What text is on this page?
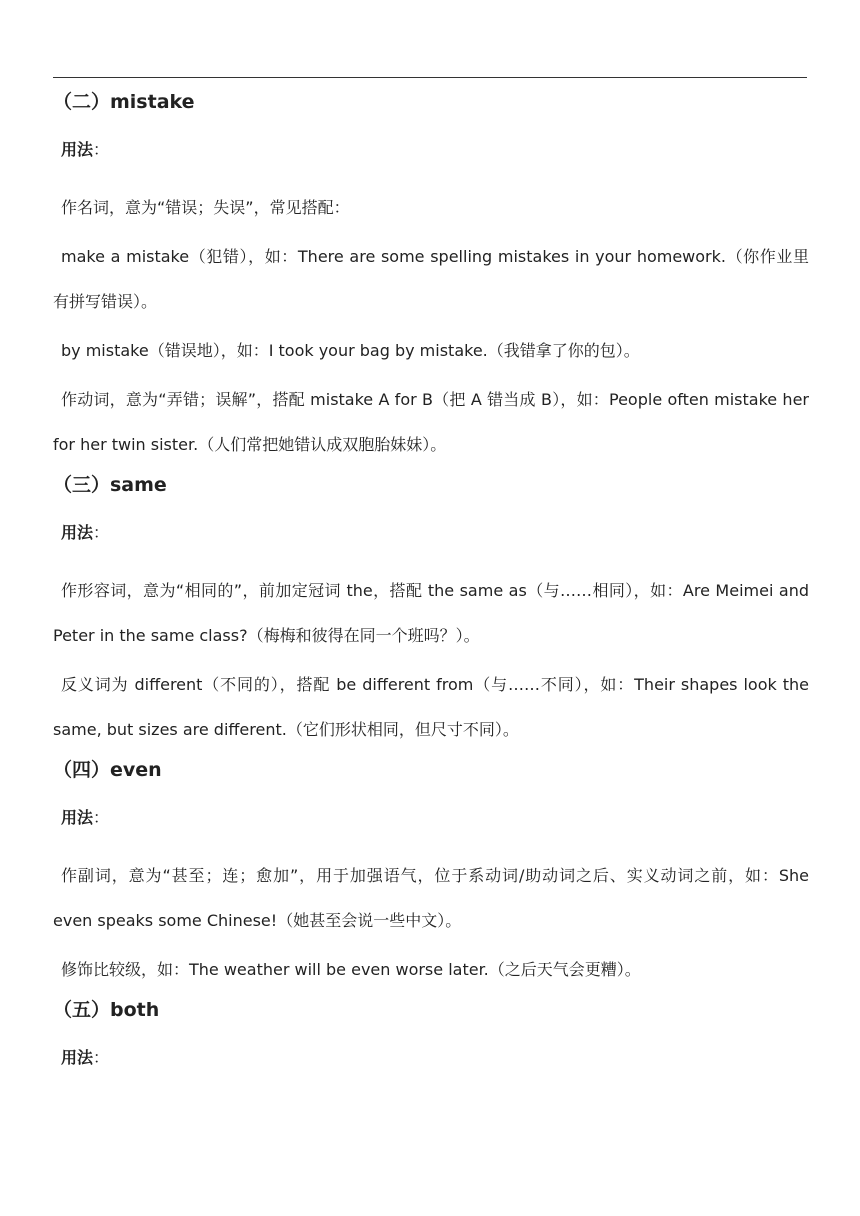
（二）mistake

用法：

作名词，意为“错误；失误”，常见搭配：

make a mistake（犯错），如：There are some spelling mistakes in your homework.（你作业里有拼写错误）。

by mistake（错误地），如：I took your bag by mistake.（我错拿了你的包）。

作动词，意为“弄错；误解”，搭配 mistake A for B（把 A 错当成 B），如：People often mistake her for her twin sister.（人们常把她错认成双胞胎妹妹）。

（三）same

用法：

作形容词，意为“相同的”，前加定冠词 the，搭配 the same as（与……相同），如：Are Meimei and Peter in the same class?（梅梅和彼得在同一个班吗？）。

反义词为 different（不同的），搭配 be different from（与……不同），如：Their shapes look the same, but sizes are different.（它们形状相同，但尺寸不同）。

（四）even

用法：

作副词，意为“甚至；连；愈加”，用于加强语气，位于系动词/助动词之后、实义动词之前，如：She even speaks some Chinese!（她甚至会说一些中文）。

修饰比较级，如：The weather will be even worse later.（之后天气会更糟）。

（五）both

用法：
